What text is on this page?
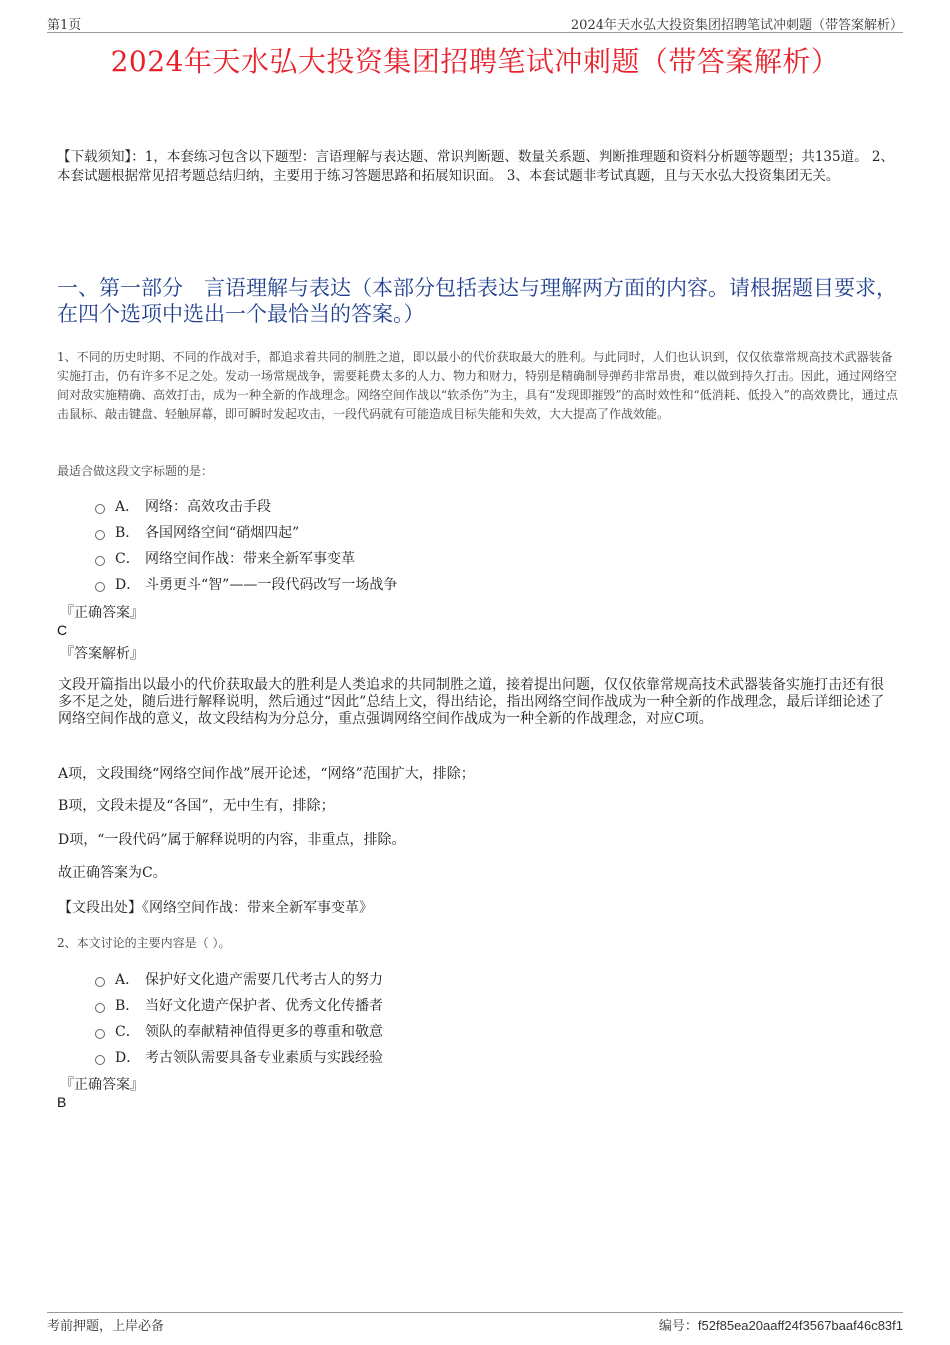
第1页	2024年天水弘大投资集团招聘笔试冲刺题（带答案解析）
2024年天水弘大投资集团招聘笔试冲刺题（带答案解析）
【下载须知】：1，本套练习包含以下题型：言语理解与表达题、常识判断题、数量关系题、判断推理题和资料分析题等题型；共135道。 2、本套试题根据常见招考题总结归纳，主要用于练习答题思路和拓展知识面。 3、本套试题非考试真题，且与天水弘大投资集团无关。
一、第一部分　言语理解与表达（本部分包括表达与理解两方面的内容。请根据题目要求，在四个选项中选出一个最恰当的答案。）
1、不同的历史时期、不同的作战对手，都追求着共同的制胜之道，即以最小的代价获取最大的胜利。与此同时，人们也认识到，仅仅依靠常规高技术武器装备实施打击，仍有许多不足之处。发动一场常规战争，需要耗费太多的人力、物力和财力，特别是精确制导弹药非常昂贵，难以做到持久打击。因此，通过网络空间对敌实施精确、高效打击，成为一种全新的作战理念。网络空间作战以“软杀伤”为主，具有“发现即摧毁”的高时效性和“低消耗、低投入”的高效费比，通过点击鼠标、敲击键盘、轻触屏幕，即可瞬时发起攻击，一段代码就有可能造成目标失能和失效，大大提高了作战效能。
最适合做这段文字标题的是：
A． 网络：高效攻击手段
B． 各国网络空间“硝烟四起”
C． 网络空间作战：带来全新军事变革
D． 斗勇更斗“智”——一段代码改写一场战争
『正确答案』
C
『答案解析』
文段开篇指出以最小的代价获取最大的胜利是人类追求的共同制胜之道，接着提出问题，仅仅依靠常规高技术武器装备实施打击还有很多不足之处，随后进行解释说明，然后通过“因此”总结上文，得出结论，指出网络空间作战成为一种全新的作战理念，最后详细论述了网络空间作战的意义，故文段结构为分总分，重点强调网络空间作战成为一种全新的作战理念，对应C项。
A项，文段围绕“网络空间作战”展开论述，“网络”范围扩大，排除；
B项，文段未提及“各国”，无中生有，排除；
D项，“一段代码”属于解释说明的内容，非重点，排除。
故正确答案为C。
【文段出处】《网络空间作战：带来全新军事变革》
2、本文讨论的主要内容是（ ）。
A． 保护好文化遗产需要几代考古人的努力
B． 当好文化遗产保护者、优秀文化传播者
C． 领队的奉献精神值得更多的尊重和敬意
D． 考古领队需要具备专业素质与实践经验
『正确答案』
B
考前押题，上岸必备	编号：f52f85ea20aaff24f3567baaf46c83f1
